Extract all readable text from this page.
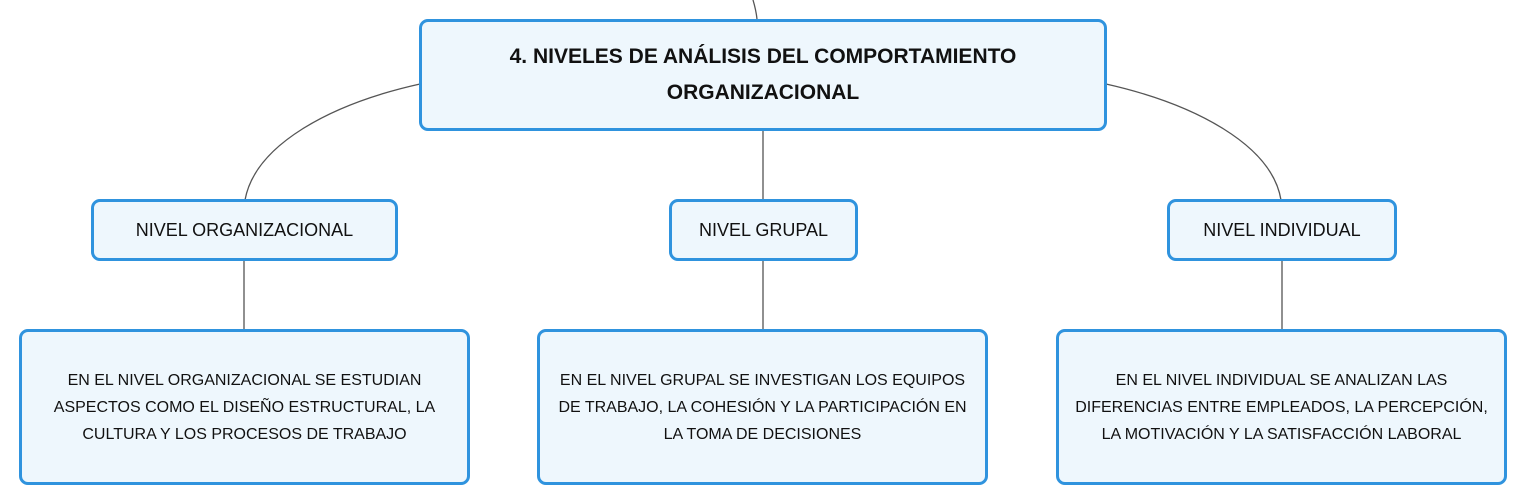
4. NIVELES DE ANÁLISIS DEL COMPORTAMIENTO ORGANIZACIONAL
NIVEL ORGANIZACIONAL	NIVEL GRUPAL	NIVEL INDIVIDUAL
EN EL NIVEL ORGANIZACIONAL SE ESTUDIAN ASPECTOS COMO EL DISEÑO ESTRUCTURAL, LA CULTURA Y LOS PROCESOS DE TRABAJO
EN EL NIVEL GRUPAL SE INVESTIGAN LOS EQUIPOS DE TRABAJO, LA COHESIÓN Y LA PARTICIPACIÓN EN LA TOMA DE DECISIONES
EN EL NIVEL INDIVIDUAL SE ANALIZAN LAS DIFERENCIAS ENTRE EMPLEADOS, LA PERCEPCIÓN, LA MOTIVACIÓN Y LA SATISFACCIÓN LABORAL
